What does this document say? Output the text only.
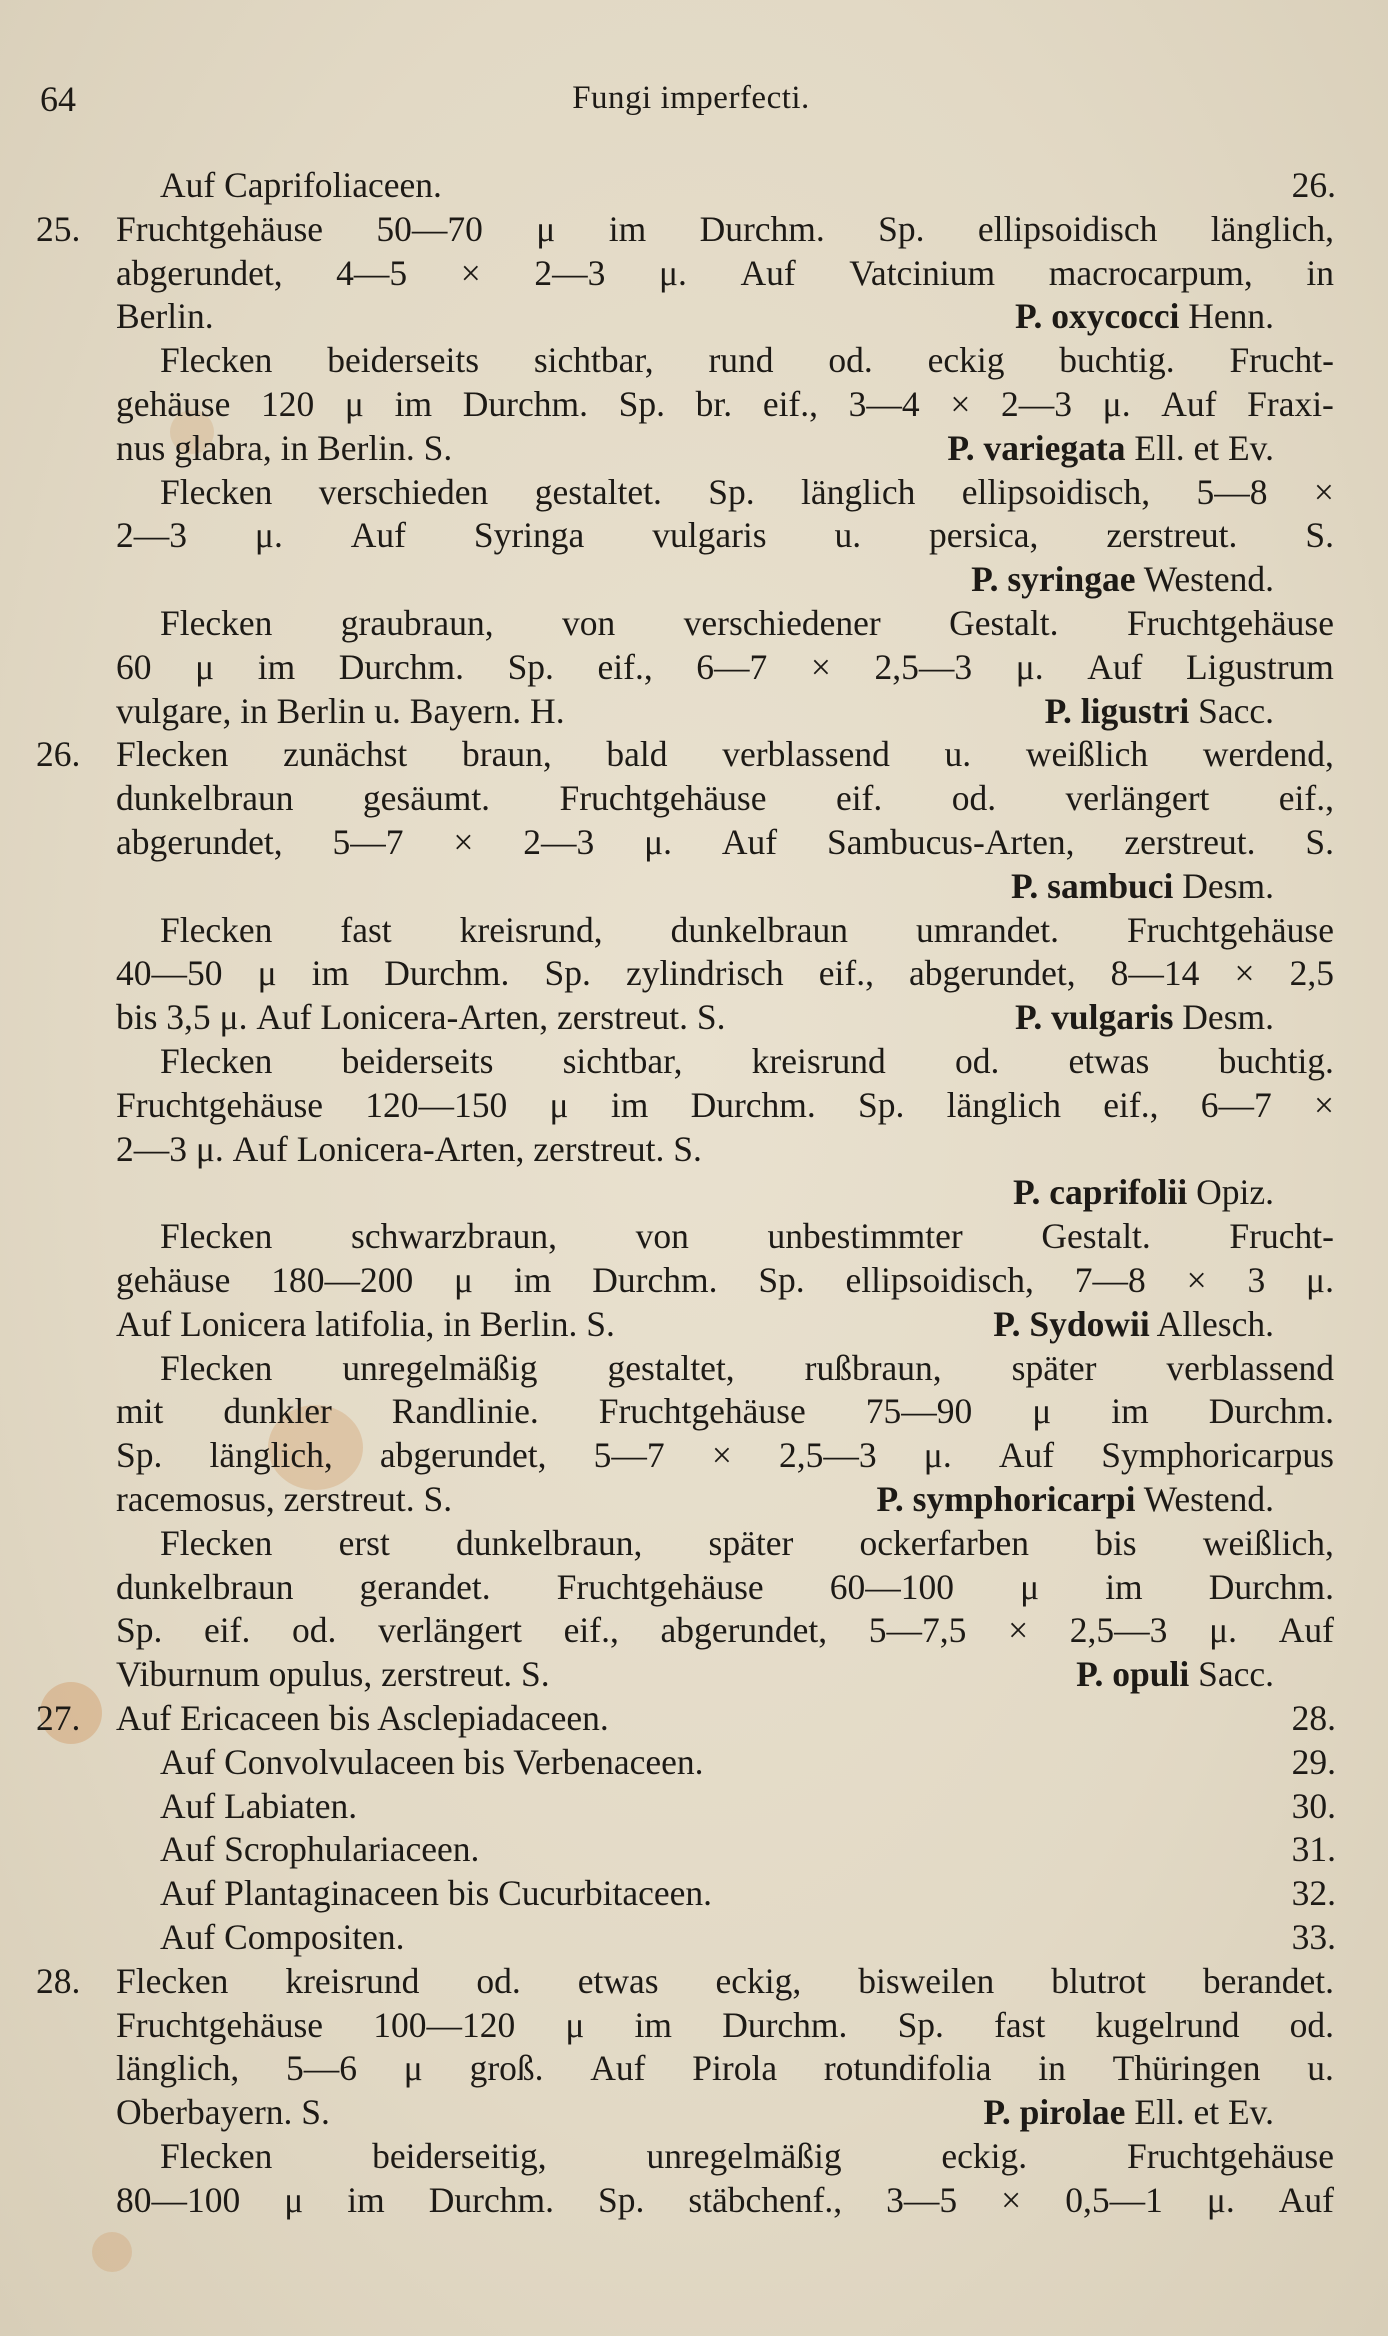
64	Fungi imperfecti.
Auf Caprifoliaceen.	26.
25. Fruchtgehäuse 50—70 μ im Durchm. Sp. ellipsoidisch länglich,
abgerundet, 4—5 × 2—3 μ. Auf Vatcinium macrocarpum, in
Berlin.	P. oxycocci Henn.
Flecken beiderseits sichtbar, rund od. eckig buchtig. Frucht-
gehäuse 120 μ im Durchm. Sp. br. eif., 3—4 × 2—3 μ. Auf Fraxi-
nus glabra, in Berlin. S.	P. variegata Ell. et Ev.
Flecken verschieden gestaltet. Sp. länglich ellipsoidisch, 5—8 ×
2—3 μ. Auf Syringa vulgaris u. persica, zerstreut. S.
P. syringae Westend.
Flecken graubraun, von verschiedener Gestalt. Fruchtgehäuse
60 μ im Durchm. Sp. eif., 6—7 × 2,5—3 μ. Auf Ligustrum
vulgare, in Berlin u. Bayern. H.	P. ligustri Sacc.
26. Flecken zunächst braun, bald verblassend u. weißlich werdend,
dunkelbraun gesäumt. Fruchtgehäuse eif. od. verlängert eif.,
abgerundet, 5—7 × 2—3 μ. Auf Sambucus-Arten, zerstreut. S.
P. sambuci Desm.
Flecken fast kreisrund, dunkelbraun umrandet. Fruchtgehäuse
40—50 μ im Durchm. Sp. zylindrisch eif., abgerundet, 8—14 × 2,5
bis 3,5 μ. Auf Lonicera-Arten, zerstreut. S.	P. vulgaris Desm.
Flecken beiderseits sichtbar, kreisrund od. etwas buchtig.
Fruchtgehäuse 120—150 μ im Durchm. Sp. länglich eif., 6—7 ×
2—3 μ. Auf Lonicera-Arten, zerstreut. S.
P. caprifolii Opiz.
Flecken schwarzbraun, von unbestimmter Gestalt. Frucht-
gehäuse 180—200 μ im Durchm. Sp. ellipsoidisch, 7—8 × 3 μ.
Auf Lonicera latifolia, in Berlin. S.	P. Sydowii Allesch.
Flecken unregelmäßig gestaltet, rußbraun, später verblassend
mit dunkler Randlinie. Fruchtgehäuse 75—90 μ im Durchm.
Sp. länglich, abgerundet, 5—7 × 2,5—3 μ. Auf Symphoricarpus
racemosus, zerstreut. S.	P. symphoricarpi Westend.
Flecken erst dunkelbraun, später ockerfarben bis weißlich,
dunkelbraun gerandet. Fruchtgehäuse 60—100 μ im Durchm.
Sp. eif. od. verlängert eif., abgerundet, 5—7,5 × 2,5—3 μ. Auf
Viburnum opulus, zerstreut. S.	P. opuli Sacc.
27. Auf Ericaceen bis Asclepiadaceen.	28.
Auf Convolvulaceen bis Verbenaceen.	29.
Auf Labiaten.	30.
Auf Scrophulariaceen.	31.
Auf Plantaginaceen bis Cucurbitaceen.	32.
Auf Compositen.	33.
28. Flecken kreisrund od. etwas eckig, bisweilen blutrot berandet.
Fruchtgehäuse 100—120 μ im Durchm. Sp. fast kugelrund od.
länglich, 5—6 μ groß. Auf Pirola rotundifolia in Thüringen u.
Oberbayern. S.	P. pirolae Ell. et Ev.
Flecken	beiderseitig,	unregelmäßig	eckig.	Fruchtgehäuse
80—100 μ im Durchm. Sp. stäbchenf., 3—5 × 0,5—1 μ. Auf
